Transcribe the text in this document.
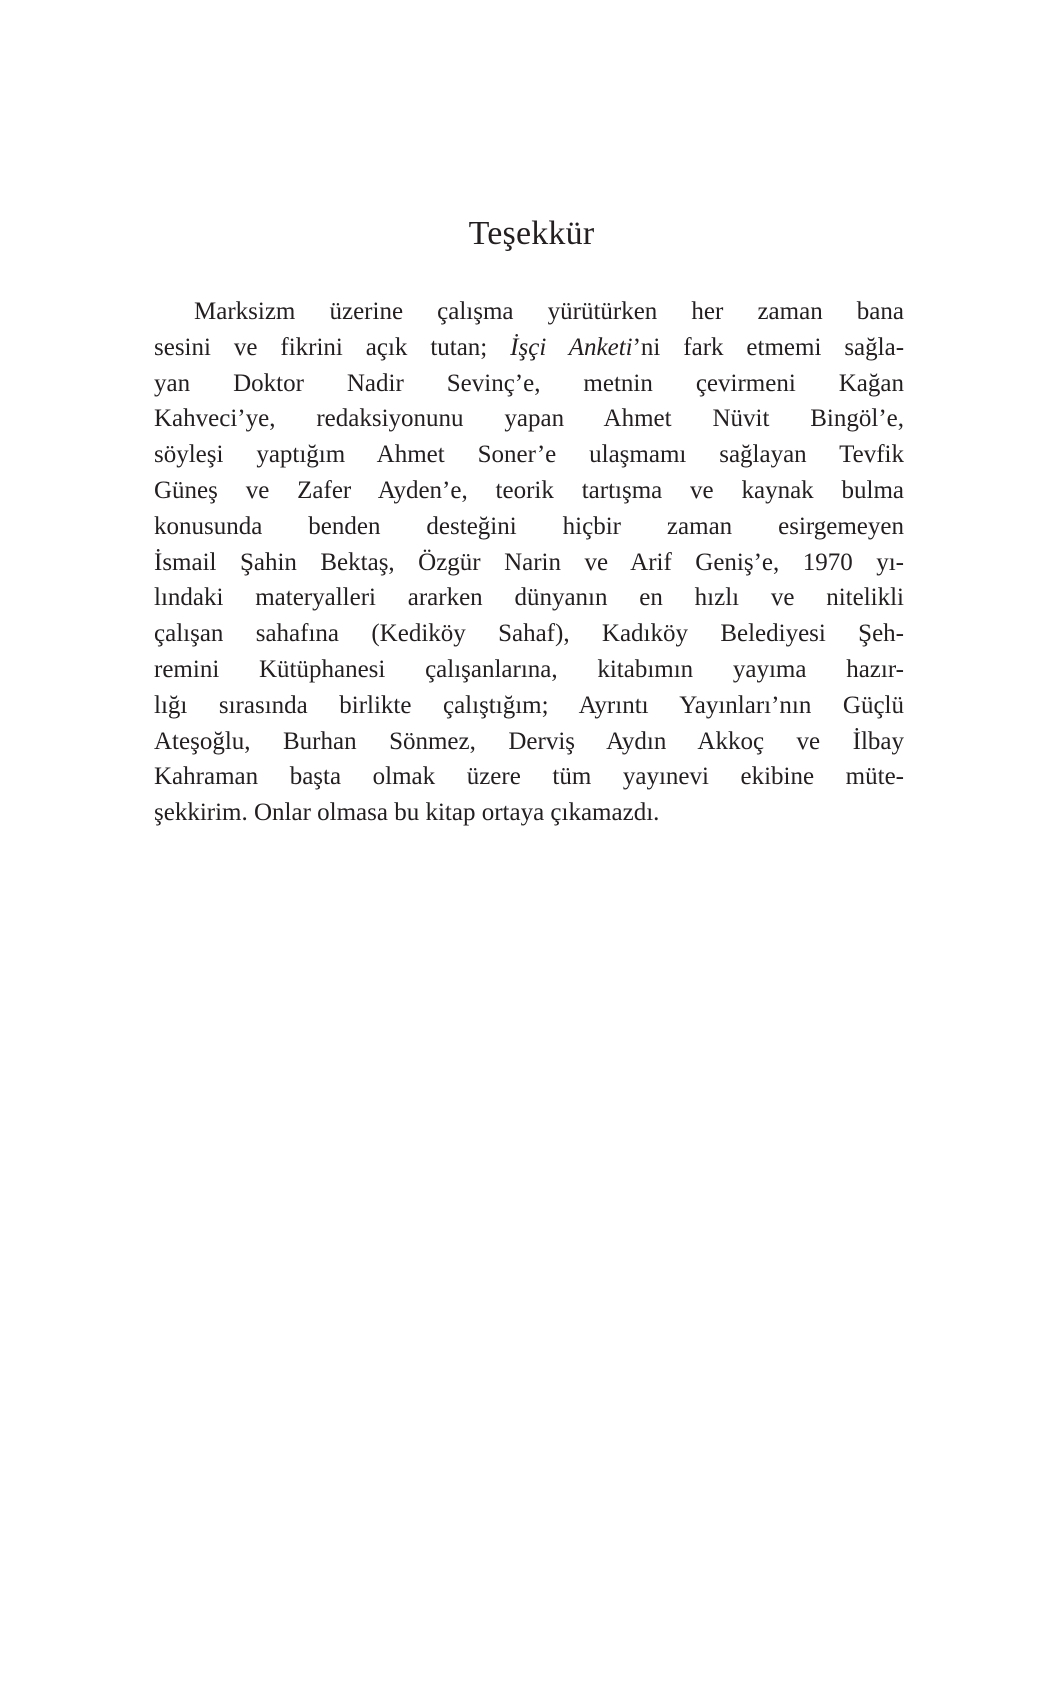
Teşekkür
Marksizm üzerine çalışma yürütürken her zaman bana
sesini ve fikrini açık tutan; İşçi Anketi’ni fark etmemi sağla-
yan Doktor Nadir Sevinç’e, metnin çevirmeni Kağan
Kahveci’ye, redaksiyonunu yapan Ahmet Nüvit Bingöl’e,
söyleşi yaptığım Ahmet Soner’e ulaşmamı sağlayan Tevfik
Güneş ve Zafer Ayden’e, teorik tartışma ve kaynak bulma
konusunda benden desteğini hiçbir zaman esirgemeyen
İsmail Şahin Bektaş, Özgür Narin ve Arif Geniş’e, 1970 yı-
lındaki materyalleri ararken dünyanın en hızlı ve nitelikli
çalışan sahafına (Kediköy Sahaf), Kadıköy Belediyesi Şeh-
remini Kütüphanesi çalışanlarına, kitabımın yayıma hazır-
lığı sırasında birlikte çalıştığım; Ayrıntı Yayınları’nın Güçlü
Ateşoğlu, Burhan Sönmez, Derviş Aydın Akkoç ve İlbay
Kahraman başta olmak üzere tüm yayınevi ekibine müte-
şekkirim. Onlar olmasa bu kitap ortaya çıkamazdı.
